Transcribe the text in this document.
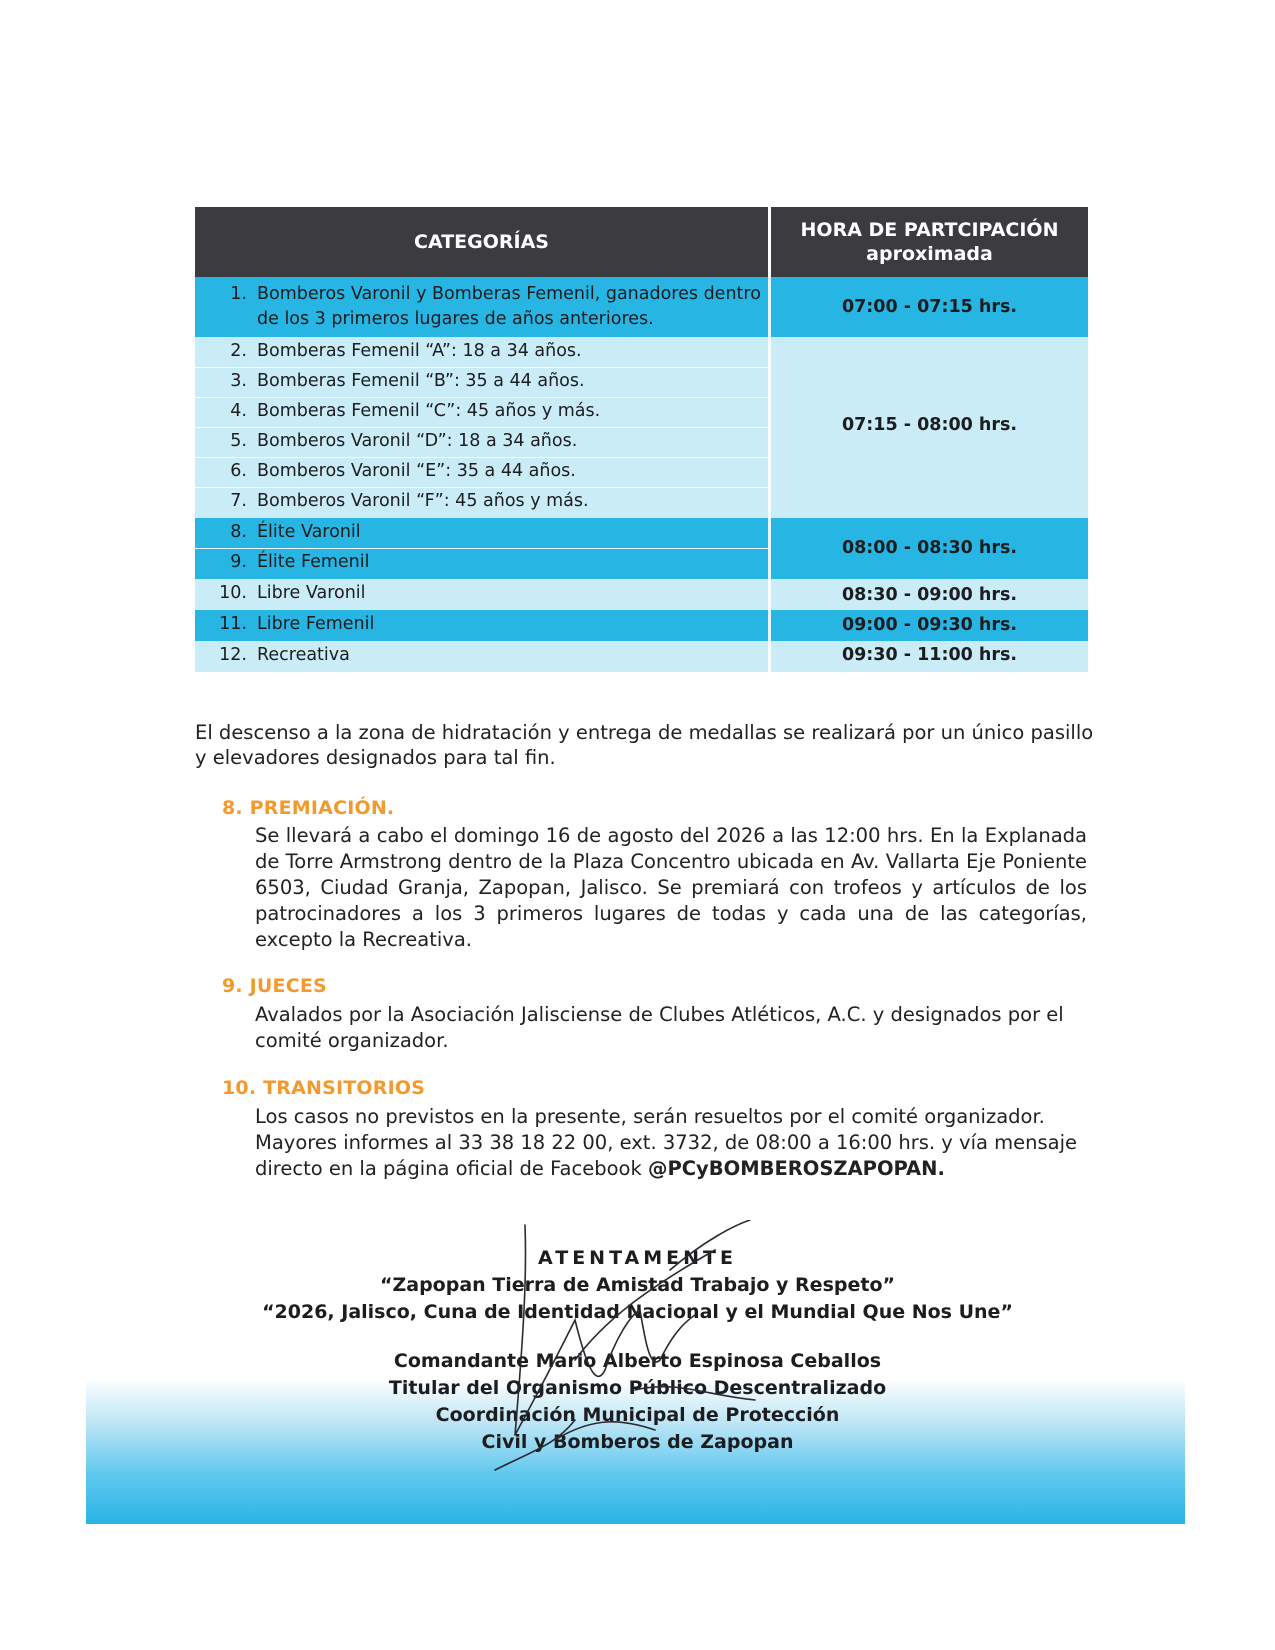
CATEGORÍAS
HORA DE PARTCIPACIÓN
aproximada
1. Bomberos Varonil y Bomberas Femenil, ganadores dentro de los 3 primeros lugares de años anteriores.
2. Bomberas Femenil “A”: 18 a 34 años.
3. Bomberas Femenil “B”: 35 a 44 años.
4. Bomberas Femenil “C”: 45 años y más.
5. Bomberos Varonil “D”: 18 a 34 años.
6. Bomberos Varonil “E”: 35 a 44 años.
7. Bomberos Varonil “F”: 45 años y más.
8. Élite Varonil
9. Élite Femenil
10. Libre Varonil
11. Libre Femenil
12. Recreativa
07:00 - 07:15 hrs.
07:15 - 08:00 hrs.
08:00 - 08:30 hrs.
08:30 - 09:00 hrs.
09:00 - 09:30 hrs.
09:30 - 11:00 hrs.
El descenso a la zona de hidratación y entrega de medallas se realizará por un único pasillo y elevadores designados para tal fin.
8. PREMIACIÓN.
Se llevará a cabo el domingo 16 de agosto del 2026 a las 12:00 hrs. En la Explanada de Torre Armstrong dentro de la Plaza Concentro ubicada en Av. Vallarta Eje Poniente 6503, Ciudad Granja, Zapopan, Jalisco. Se premiará con trofeos y artículos de los patrocinadores a los 3 primeros lugares de todas y cada una de las categorías, excepto la Recreativa.
9. JUECES
Avalados por la Asociación Jalisciense de Clubes Atléticos, A.C. y designados por el comité organizador.
10. TRANSITORIOS
Los casos no previstos en la presente, serán resueltos por el comité organizador. Mayores informes al 33 38 18 22 00, ext. 3732, de 08:00 a 16:00 hrs. y vía mensaje directo en la página oficial de Facebook @PCyBOMBEROSZAPOPAN.
ATENTAMENTE
“Zapopan Tierra de Amistad Trabajo y Respeto”
“2026, Jalisco, Cuna de Identidad Nacional y el Mundial Que Nos Une”
Comandante Mario Alberto Espinosa Ceballos
Titular del Organismo Público Descentralizado
Coordinación Municipal de Protección
Civil y Bomberos de Zapopan
